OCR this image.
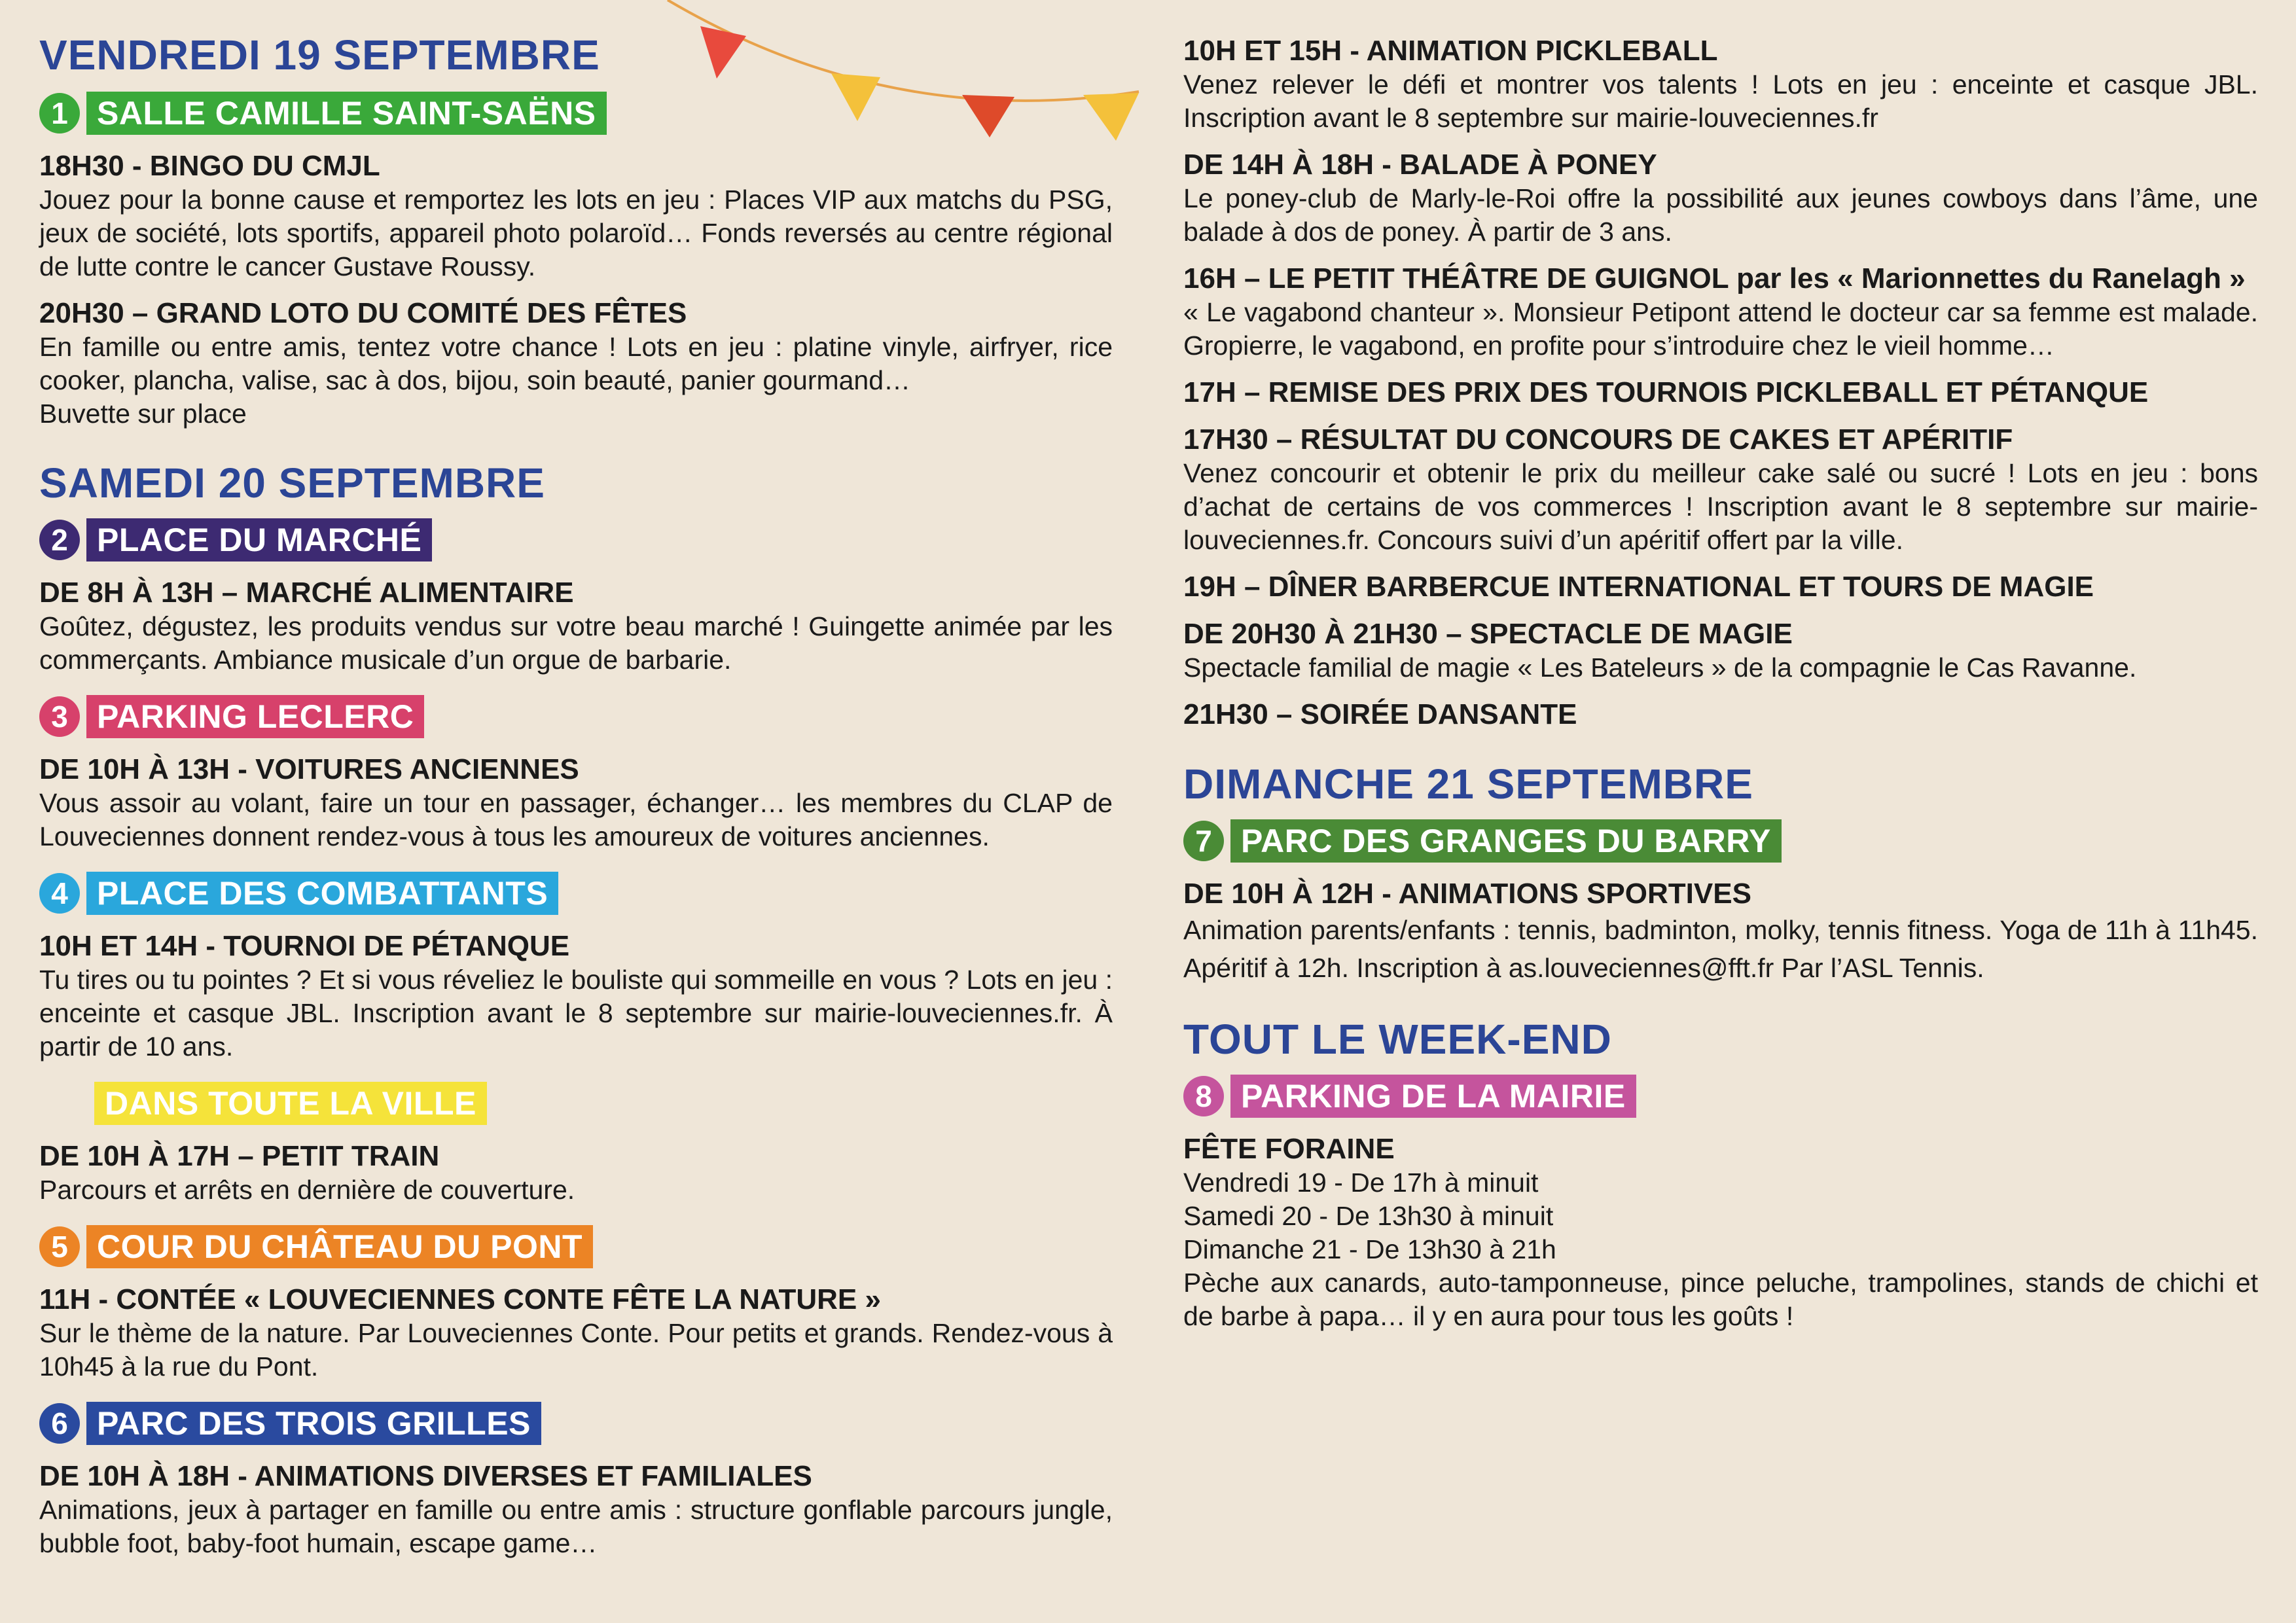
VENDREDI 19 SEPTEMBRE
1 SALLE CAMILLE SAINT-SAËNS
18H30 - BINGO DU CMJL
Jouez pour la bonne cause et remportez les lots en jeu : Places VIP aux matchs du PSG, jeux de société, lots sportifs, appareil photo polaroïd… Fonds reversés au centre régional de lutte contre le cancer Gustave Roussy.
20H30 – GRAND LOTO DU COMITÉ DES FÊTES
En famille ou entre amis, tentez votre chance ! Lots en jeu : platine vinyle, airfryer, rice cooker, plancha, valise, sac à dos, bijou, soin beauté, panier gourmand…
Buvette sur place
SAMEDI 20 SEPTEMBRE
2 PLACE DU MARCHÉ
DE 8H À 13H – MARCHÉ ALIMENTAIRE
Goûtez, dégustez, les produits vendus sur votre beau marché ! Guingette animée par les commerçants. Ambiance musicale d’un orgue de barbarie.
3 PARKING LECLERC
DE 10H À 13H - VOITURES ANCIENNES
Vous assoir au volant, faire un tour en passager, échanger… les membres du CLAP de Louveciennes donnent rendez-vous à tous les amoureux de voitures anciennes.
4 PLACE DES COMBATTANTS
10H ET 14H - TOURNOI DE PÉTANQUE
Tu tires ou tu pointes ? Et si vous réveliez le bouliste qui sommeille en vous ? Lots en jeu : enceinte et casque JBL. Inscription avant le 8 septembre sur mairie-louveciennes.fr. À partir de 10 ans.
DANS TOUTE LA VILLE
DE 10H À 17H – PETIT TRAIN
Parcours et arrêts en dernière de couverture.
5 COUR DU CHÂTEAU DU PONT
11H - CONTÉE « LOUVECIENNES CONTE FÊTE LA NATURE »
Sur le thème de la nature. Par Louveciennes Conte. Pour petits et grands. Rendez-vous à 10h45 à la rue du Pont.
6 PARC DES TROIS GRILLES
DE 10H À 18H - ANIMATIONS DIVERSES ET FAMILIALES
Animations, jeux à partager en famille ou entre amis : structure gonflable parcours jungle, bubble foot, baby-foot humain, escape game…
10H ET 15H - ANIMATION PICKLEBALL
Venez relever le défi et montrer vos talents ! Lots en jeu : enceinte et casque JBL. Inscription avant le 8 septembre sur mairie-louveciennes.fr
DE 14H À 18H - BALADE À PONEY
Le poney-club de Marly-le-Roi offre la possibilité aux jeunes cowboys dans l’âme, une balade à dos de poney. À partir de 3 ans.
16H – LE PETIT THÉÂTRE DE GUIGNOL par les « Marionnettes du Ranelagh »
« Le vagabond chanteur ». Monsieur Petipont attend le docteur car sa femme est malade. Gropierre, le vagabond, en profite pour s’introduire chez le vieil homme…
17H – REMISE DES PRIX DES TOURNOIS PICKLEBALL ET PÉTANQUE
17H30 – RÉSULTAT DU CONCOURS DE CAKES ET APÉRITIF
Venez concourir et obtenir le prix du meilleur cake salé ou sucré ! Lots en jeu : bons d’achat de certains de vos commerces ! Inscription avant le 8 septembre sur mairie-louveciennes.fr. Concours suivi d’un apéritif offert par la ville.
19H – DÎNER BARBERCUE INTERNATIONAL ET TOURS DE MAGIE
DE 20H30 À 21H30 – SPECTACLE DE MAGIE
Spectacle familial de magie « Les Bateleurs » de la compagnie le Cas Ravanne.
21H30 – SOIRÉE DANSANTE
DIMANCHE 21 SEPTEMBRE
7 PARC DES GRANGES DU BARRY
DE 10H À 12H - ANIMATIONS SPORTIVES
Animation parents/enfants : tennis, badminton, molky, tennis fitness. Yoga de 11h à 11h45. Apéritif à 12h. Inscription à as.louveciennes@fft.fr Par l’ASL Tennis.
TOUT LE WEEK-END
8 PARKING DE LA MAIRIE
FÊTE FORAINE
Vendredi 19 - De 17h à minuit
Samedi 20 - De 13h30 à minuit
Dimanche 21 - De 13h30 à 21h
Pèche aux canards, auto-tamponneuse, pince peluche, trampolines, stands de chichi et de barbe à papa… il y en aura pour tous les goûts !
